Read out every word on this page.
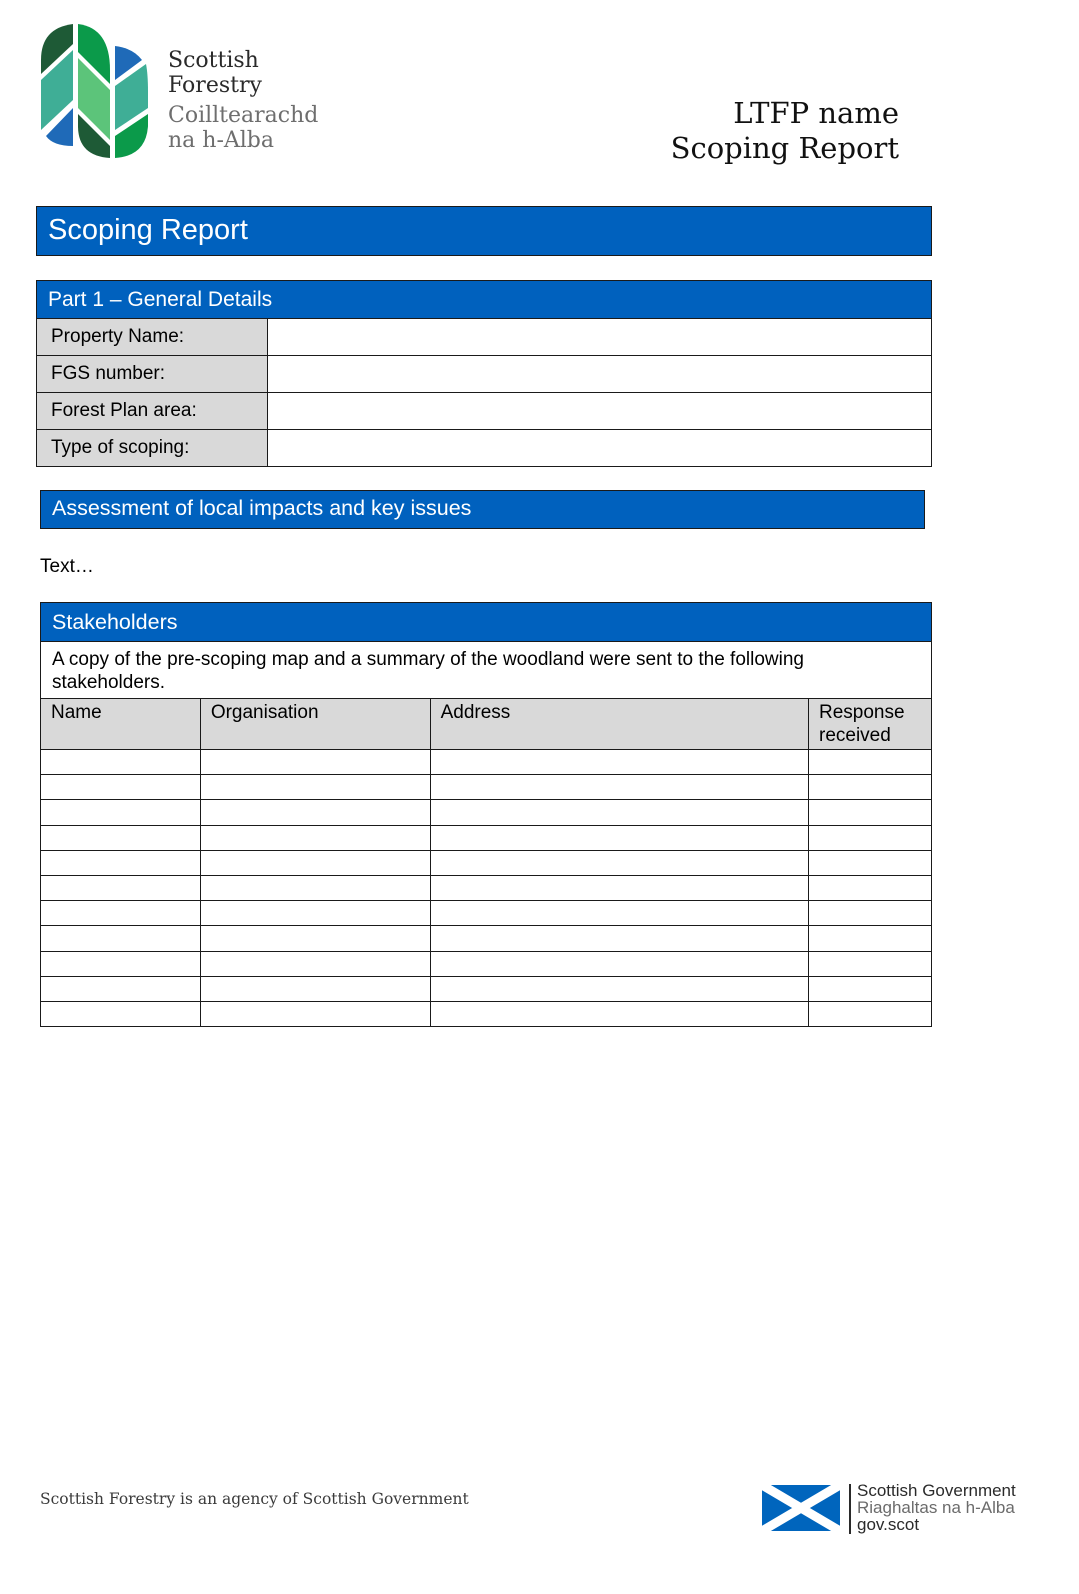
Scottish
Forestry
Coilltearachd
na h-Alba
LTFP name
Scoping Report
Scoping Report
Part 1 – General Details	
Property Name:	
FGS number:	
Forest Plan area:	
Type of scoping:	
Assessment of local impacts and key issues
Text…
Stakeholders			
A copy of the pre-scoping map and a summary of the woodland were sent to the following stakeholders.			
Name	Organisation	Address	Response received

Scottish Forestry is an agency of Scottish Government	Scottish Government
Riaghaltas na h-Alba
gov.scot
